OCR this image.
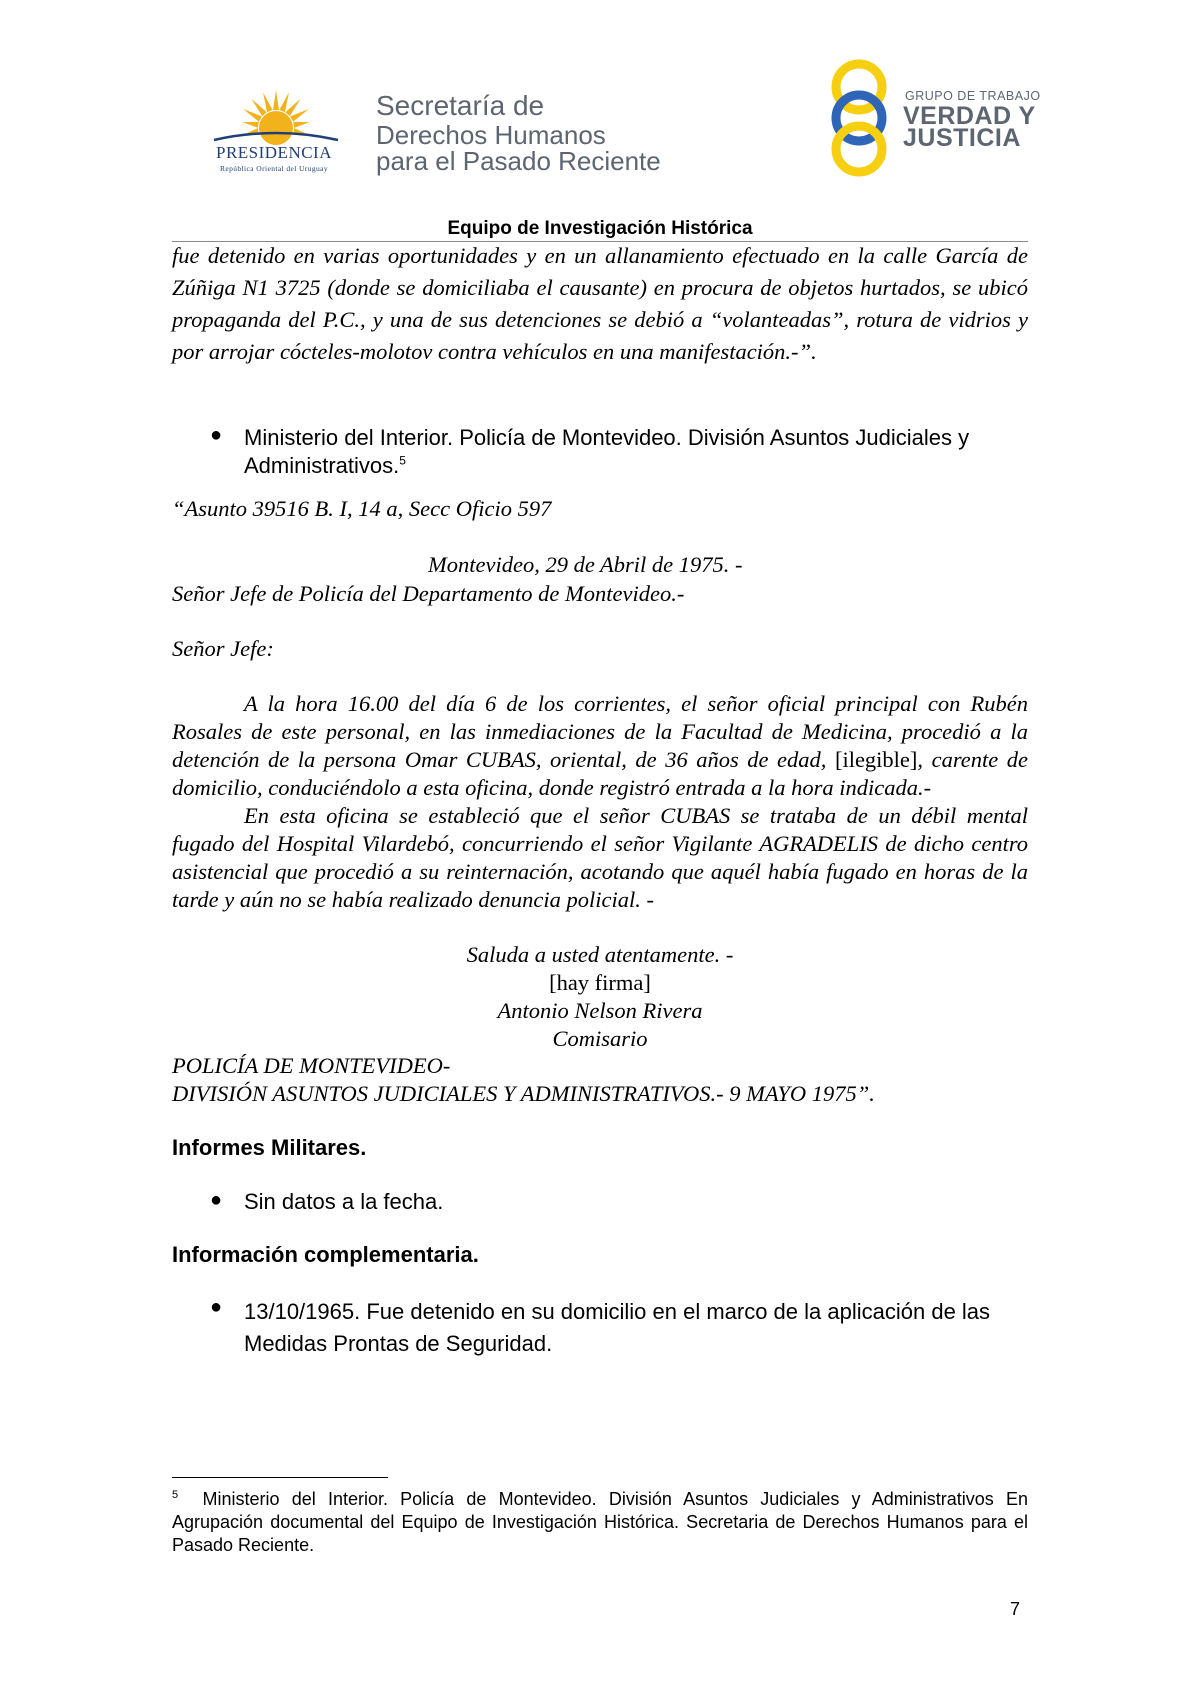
PRESIDENCIA
República Oriental del Uruguay
Secretaría de
Derechos Humanos
para el Pasado Reciente
GRUPO DE TRABAJO
VERDAD Y
JUSTICIA
Equipo de Investigación Histórica
fue detenido en varias oportunidades y en un allanamiento efectuado en la calle García de Zúñiga N1 3725 (donde se domiciliaba el causante) en procura de objetos hurtados, se ubicó propaganda del P.C., y una de sus detenciones se debió a “volanteadas”, rotura de vidrios y por arrojar cócteles-molotov contra vehículos en una manifestación.-”.
● Ministerio del Interior. Policía de Montevideo. División Asuntos Judiciales y Administrativos.$^5$
“Asunto 39516 B. I, 14 a, Secc Oficio 597
Montevideo, 29 de Abril de 1975. -
Señor Jefe de Policía del Departamento de Montevideo.-
Señor Jefe:

A la hora 16.00 del día 6 de los corrientes, el señor oficial principal con Rubén Rosales de este personal, en las inmediaciones de la Facultad de Medicina, procedió a la detención de la persona Omar CUBAS, oriental, de 36 años de edad, [ilegible], carente de domicilio, conduciéndolo a esta oficina, donde registró entrada a la hora indicada.-

En esta oficina se estableció que el señor CUBAS se trataba de un débil mental fugado del Hospital Vilardebó, concurriendo el señor Vigilante AGRADELIS de dicho centro asistencial que procedió a su reinternación, acotando que aquél había fugado en horas de la tarde y aún no se había realizado denuncia policial. -

Saluda a usted atentamente. -
[hay firma]
Antonio Nelson Rivera
Comisario
POLICÍA DE MONTEVIDEO-
DIVISIÓN ASUNTOS JUDICIALES Y ADMINISTRATIVOS.- 9 MAYO 1975”.
Informes Militares.
● Sin datos a la fecha.
Información complementaria.
● 13/10/1965. Fue detenido en su domicilio en el marco de la aplicación de las Medidas Prontas de Seguridad.
$^5$ Ministerio del Interior. Policía de Montevideo. División Asuntos Judiciales y Administrativos En Agrupación documental del Equipo de Investigación Histórica. Secretaria de Derechos Humanos para el Pasado Reciente.
7
